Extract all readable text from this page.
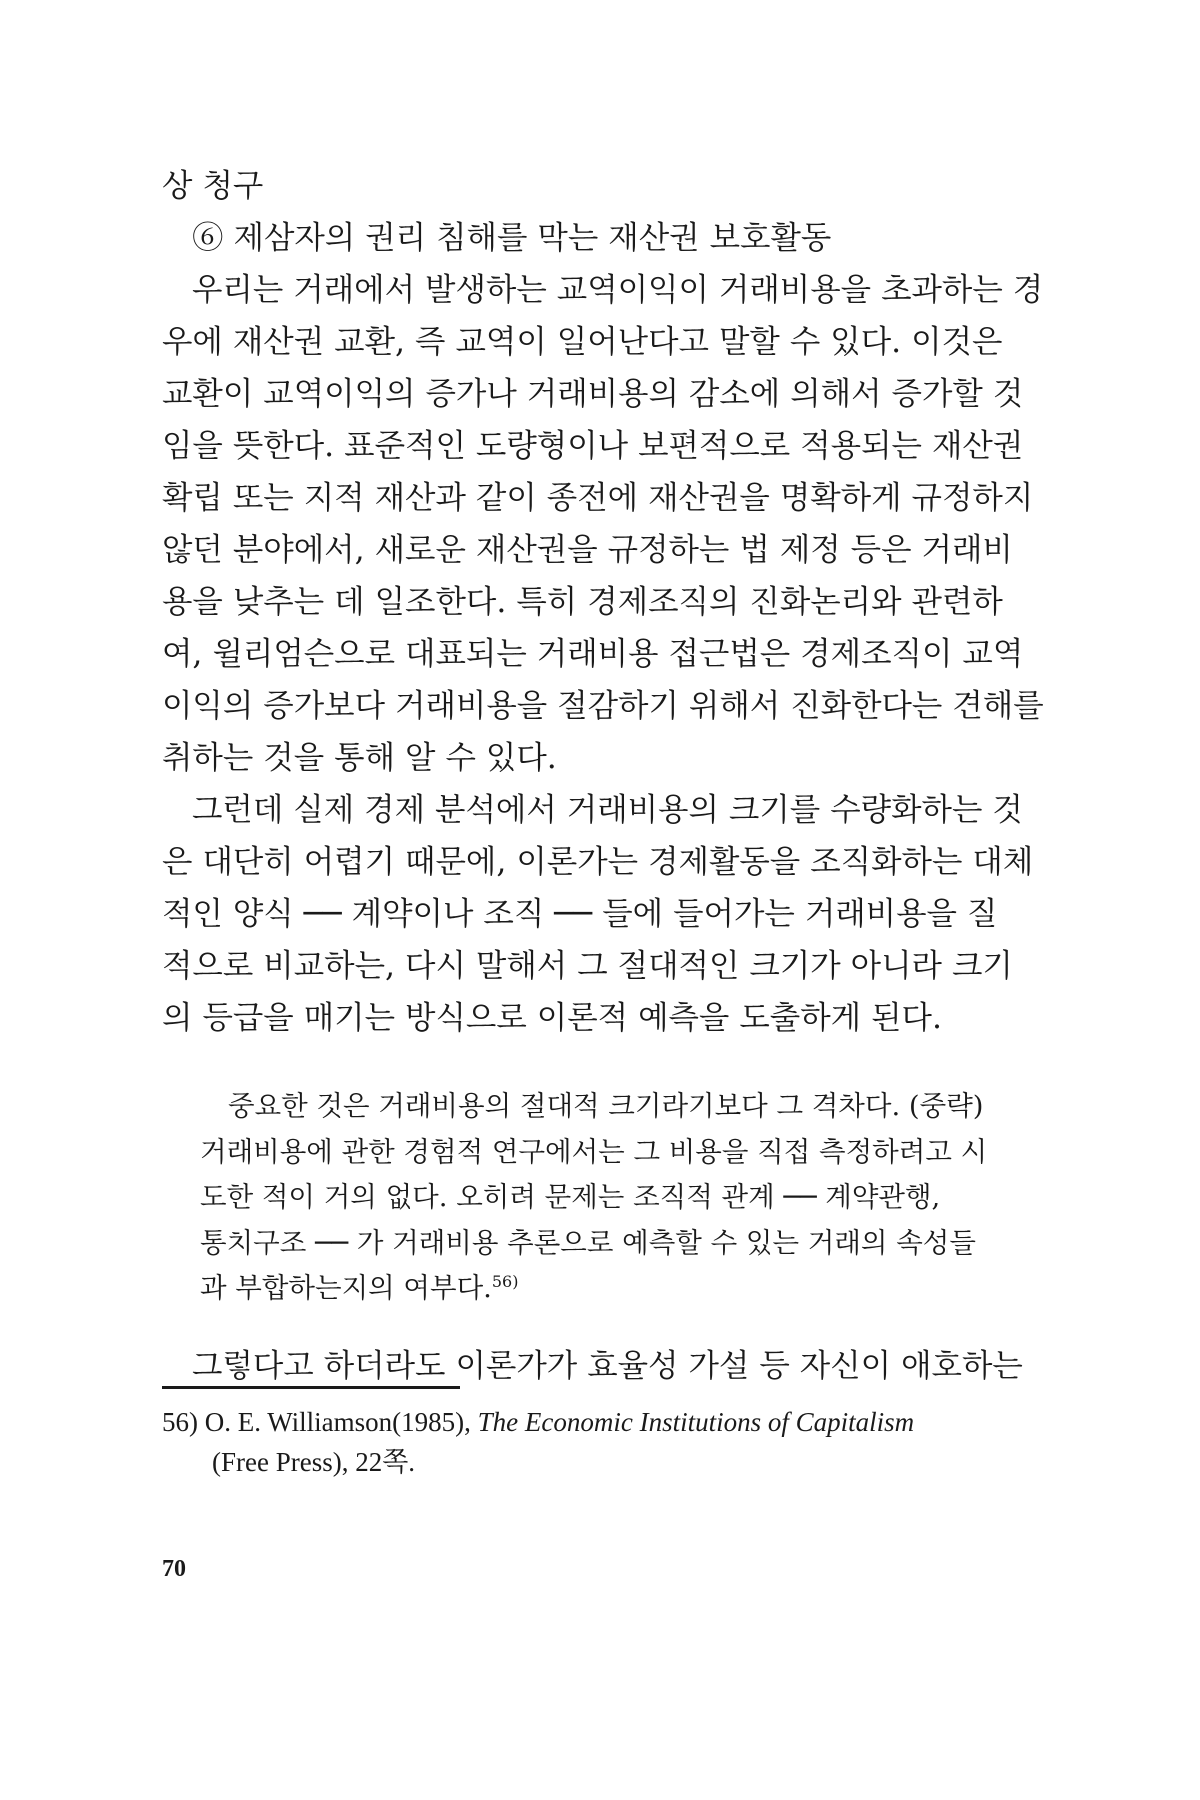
상 청구
⑥ 제삼자의 권리 침해를 막는 재산권 보호활동
우리는 거래에서 발생하는 교역이익이 거래비용을 초과하는 경
우에 재산권 교환, 즉 교역이 일어난다고 말할 수 있다. 이것은
교환이 교역이익의 증가나 거래비용의 감소에 의해서 증가할 것
임을 뜻한다. 표준적인 도량형이나 보편적으로 적용되는 재산권
확립 또는 지적 재산과 같이 종전에 재산권을 명확하게 규정하지
않던 분야에서, 새로운 재산권을 규정하는 법 제정 등은 거래비
용을 낮추는 데 일조한다. 특히 경제조직의 진화논리와 관련하
여, 윌리엄슨으로 대표되는 거래비용 접근법은 경제조직이 교역
이익의 증가보다 거래비용을 절감하기 위해서 진화한다는 견해를
취하는 것을 통해 알 수 있다.
그런데 실제 경제 분석에서 거래비용의 크기를 수량화하는 것
은 대단히 어렵기 때문에, 이론가는 경제활동을 조직화하는 대체
적인 양식 ── 계약이나 조직 ── 들에 들어가는 거래비용을 질
적으로 비교하는, 다시 말해서 그 절대적인 크기가 아니라 크기
의 등급을 매기는 방식으로 이론적 예측을 도출하게 된다.
중요한 것은 거래비용의 절대적 크기라기보다 그 격차다. (중략)
거래비용에 관한 경험적 연구에서는 그 비용을 직접 측정하려고 시
도한 적이 거의 없다. 오히려 문제는 조직적 관계 ── 계약관행,
통치구조 ── 가 거래비용 추론으로 예측할 수 있는 거래의 속성들
과 부합하는지의 여부다.$^{56)}$
그렇다고 하더라도 이론가가 효율성 가설 등 자신이 애호하는
56) O. E. Williamson(1985), The Economic Institutions of Capitalism
(Free Press), 22쪽.
70
